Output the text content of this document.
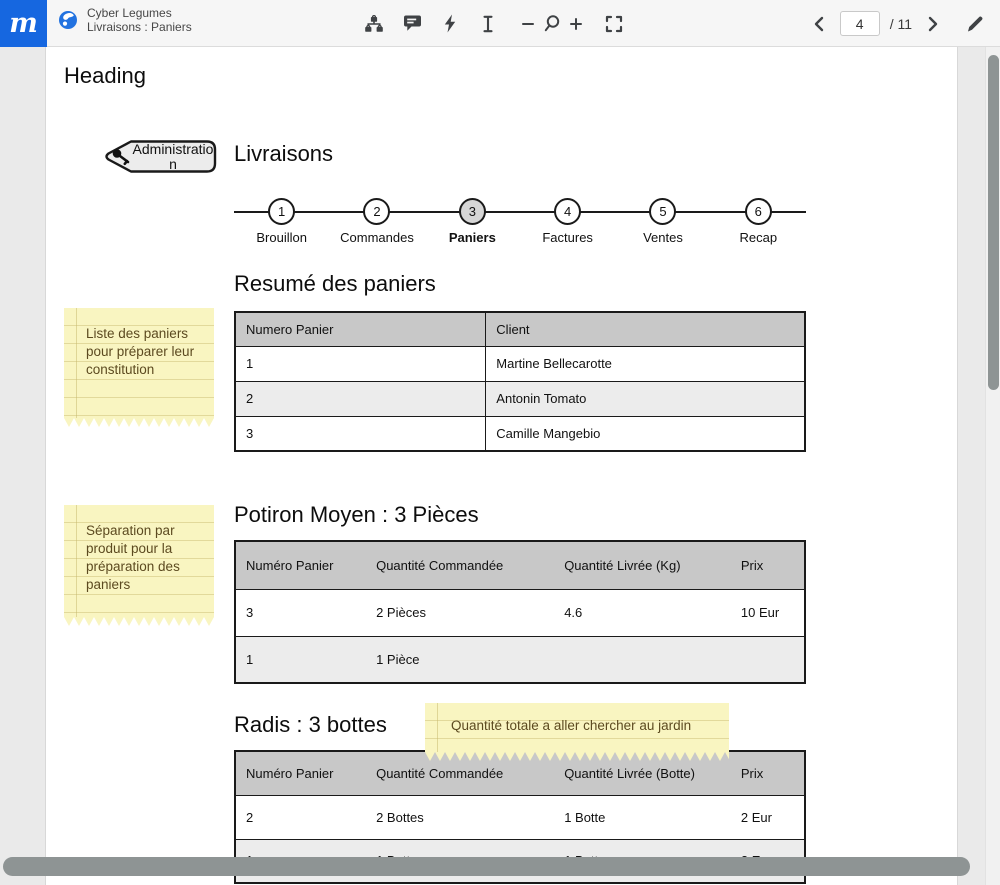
m	Cyber Legumes
Livraisons : Paniers
4	/ 11
Heading
Administration	Livraisons
1
Brouillon
2
Commandes
3
Paniers
4
Factures
5
Ventes
6
Recap
Resumé des paniers
Numero Panier	Client
1	Martine Bellecarotte
2	Antonin Tomato
3	Camille Mangebio
Liste des paniers pour préparer leur constitution
Séparation par produit pour la préparation des paniers
Potiron Moyen : 3 Pièces
Numéro Panier	Quantité Commandée	Quantité Livrée (Kg)	Prix
3	2 Pièces	4.6	10 Eur
1	1 Pièce		
Radis : 3 bottes	Quantité totale a aller chercher au jardin
Numéro Panier	Quantité Commandée	Quantité Livrée (Botte)	Prix
2	2 Bottes	1 Botte	2 Eur
